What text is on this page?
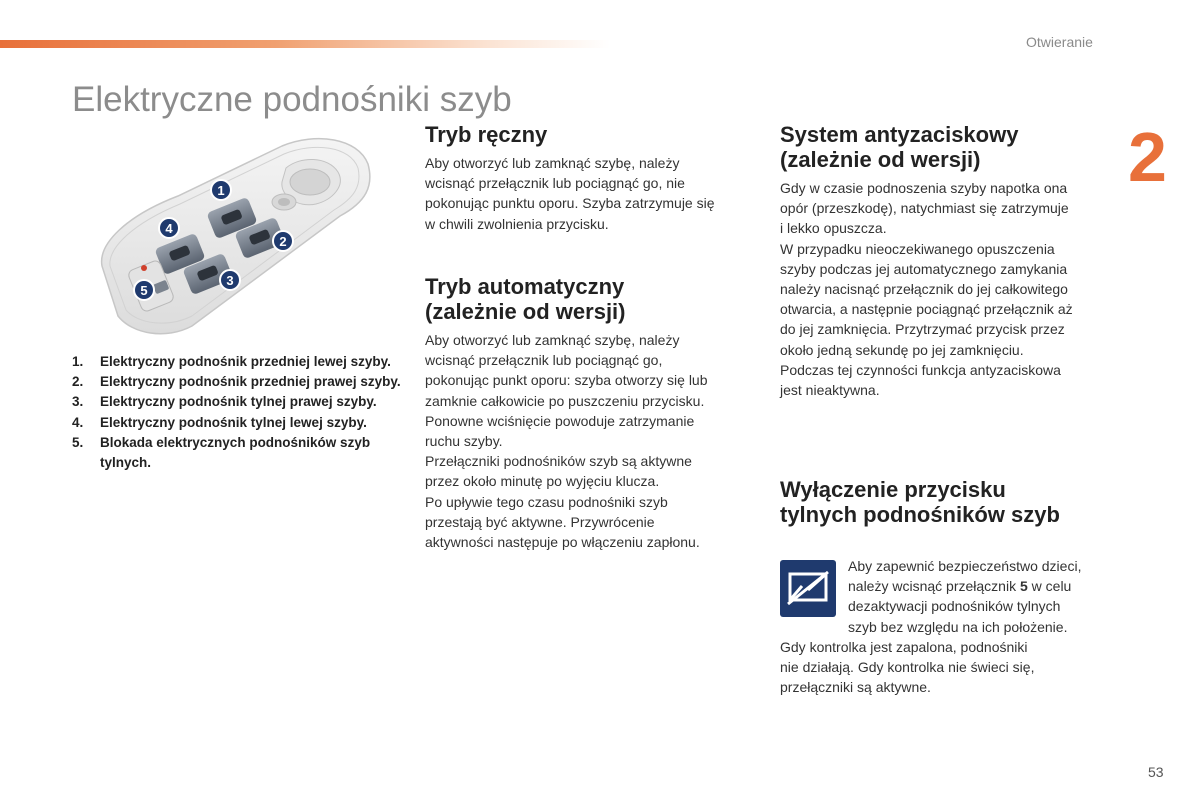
Otwieranie
2
Elektryczne podnośniki szyb
1
2
3
4
5
1.	Elektryczny podnośnik przedniej lewej szyby.
2.	Elektryczny podnośnik przedniej prawej szyby.
3.	Elektryczny podnośnik tylnej prawej szyby.
4.	Elektryczny podnośnik tylnej lewej szyby.
5.	Blokada elektrycznych podnośników szyb tylnych.
Tryb ręczny

Aby otworzyć lub zamknąć szybę, należy
wcisnąć przełącznik lub pociągnąć go, nie
pokonując punktu oporu. Szyba zatrzymuje się
w chwili zwolnienia przycisku.

Tryb automatyczny
(zależnie od wersji)

Aby otworzyć lub zamknąć szybę, należy
wcisnąć przełącznik lub pociągnąć go,
pokonując punkt oporu: szyba otworzy się lub
zamknie całkowicie po puszczeniu przycisku.
Ponowne wciśnięcie powoduje zatrzymanie
ruchu szyby.
Przełączniki podnośników szyb są aktywne
przez około minutę po wyjęciu klucza.
Po upływie tego czasu podnośniki szyb
przestają być aktywne. Przywrócenie
aktywności następuje po włączeniu zapłonu.

System antyzaciskowy
(zależnie od wersji)

Gdy w czasie podnoszenia szyby napotka ona
opór (przeszkodę), natychmiast się zatrzymuje
i lekko opuszcza.
W przypadku nieoczekiwanego opuszczenia
szyby podczas jej automatycznego zamykania
należy nacisnąć przełącznik do jej całkowitego
otwarcia, a następnie pociągnąć przełącznik aż
do jej zamknięcia. Przytrzymać przycisk przez
około jedną sekundę po jej zamknięciu.
Podczas tej czynności funkcja antyzaciskowa
jest nieaktywna.

Wyłączenie przycisku
tylnych podnośników szyb

Aby zapewnić bezpieczeństwo dzieci,
należy wcisnąć przełącznik 5 w celu
dezaktywacji podnośników tylnych
szyb bez względu na ich położenie.

Gdy kontrolka jest zapalona, podnośniki
nie działają. Gdy kontrolka nie świeci się,
przełączniki są aktywne.

53
